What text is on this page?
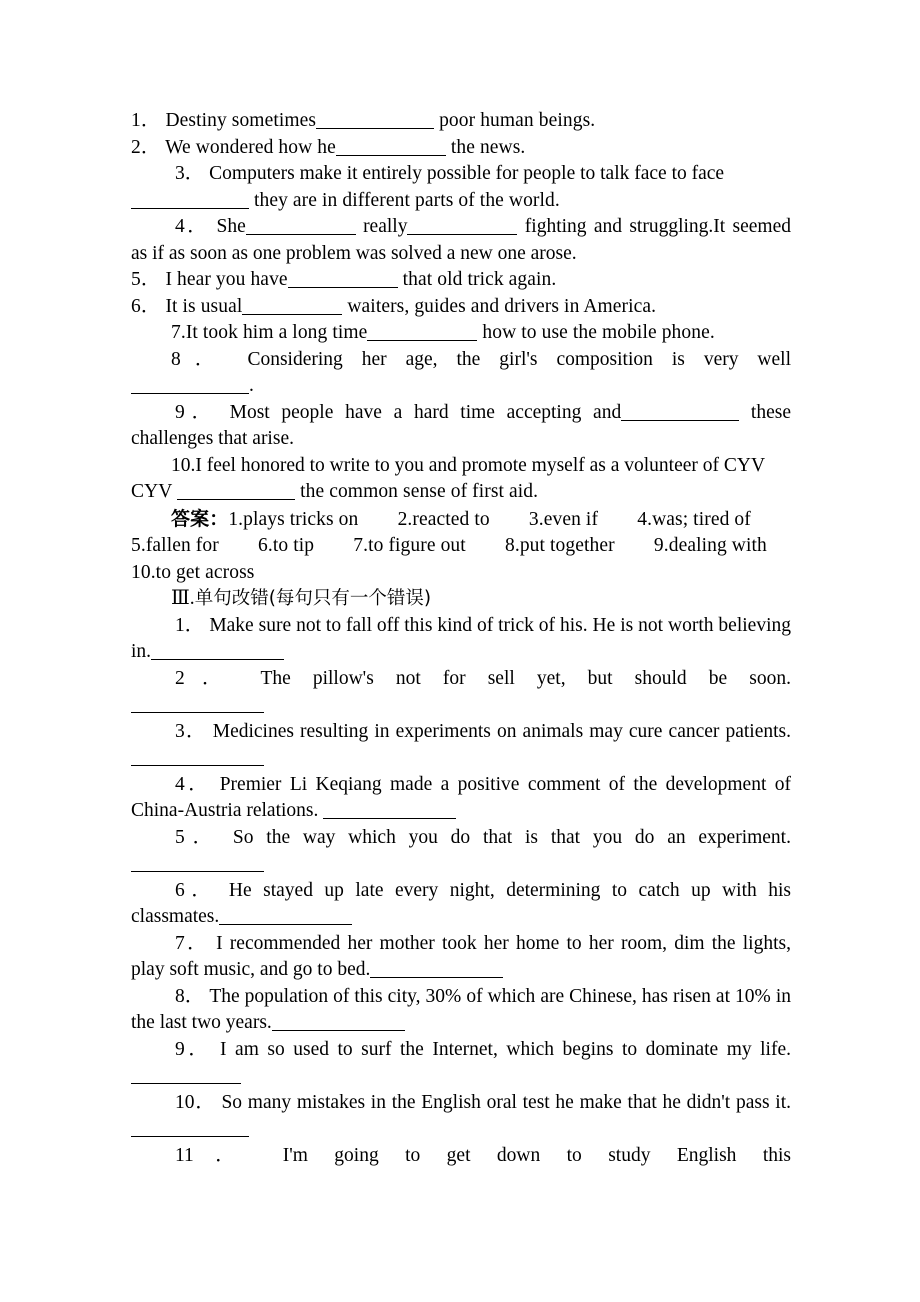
1． Destiny sometimes	poor human beings.
2． We wondered how he	the news.
3． Computers make it entirely possible for people to talk face to face
they are in different parts of the world.
4． She	really	fighting and struggling.It seemed as if as soon as one problem was solved a new one arose.
5． I hear you have	that old trick again.
6． It is usual	waiters, guides and drivers in America.
7.It took him a long time	how to use the mobile phone.
8． Considering her age, the girl's composition is very well
.
9． Most people have a hard time accepting and	these challenges that arise.
10.I feel honored to write to you and promote myself as a volunteer of CYV
CYV	the common sense of first aid.
答案：1.plays tricks on　　2.reacted to　　3.even if　　4.was; tired of
5.fallen for　　6.to tip　　7.to figure out　　8.put together　　9.dealing with
10.to get across
Ⅲ.单句改错(每句只有一个错误)
1． Make sure not to fall off this kind of trick of his. He is not worth believing in.
2． The pillow's not for sell yet, but should be soon.
3． Medicines resulting in experiments on animals may cure cancer patients.
4． Premier Li Keqiang made a positive comment of the development of China-Austria relations.
5． So the way which you do that is that you do an experiment.
6． He stayed up late every night, determining to catch up with his classmates.
7． I recommended her mother took her home to her room, dim the lights, play soft music, and go to bed.
8． The population of this city, 30% of which are Chinese, has risen at 10% in the last two years.
9． I am so used to surf the Internet, which begins to dominate my life.
10． So many mistakes in the English oral test he make that he didn't pass it.
11． I'm going to get down to study English this
